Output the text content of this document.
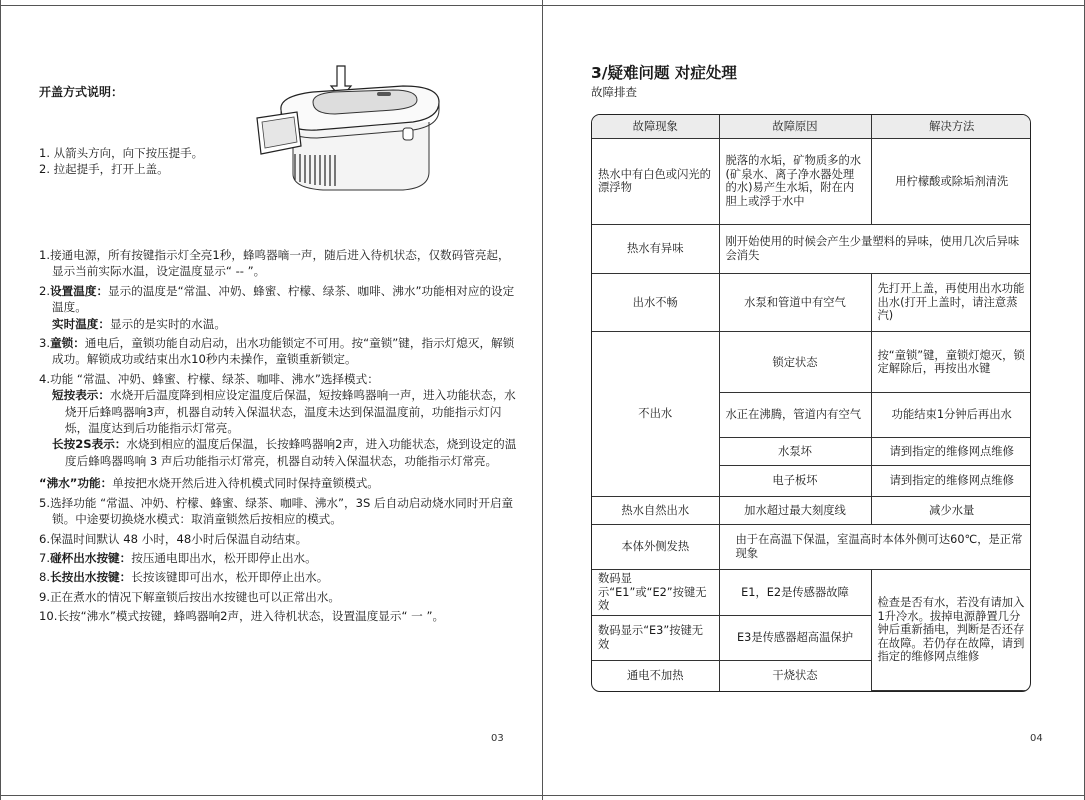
开盖方式说明：
1. 从箭头方向，向下按压提手。
2. 拉起提手，打开上盖。
1.接通电源，所有按键指示灯全亮1秒，蜂鸣器嘀一声，随后进入待机状态，仅数码管亮起，显示当前实际水温，设定温度显示“ -- ”。
2.设置温度：显示的温度是“常温、冲奶、蜂蜜、柠檬、绿茶、咖啡、沸水”功能相对应的设定温度。
实时温度：显示的是实时的水温。
3.童锁：通电后，童锁功能自动启动，出水功能锁定不可用。按“童锁”键，指示灯熄灭，解锁成功。解锁成功或结束出水10秒内未操作，童锁重新锁定。
4.功能 “常温、冲奶、蜂蜜、柠檬、绿茶、咖啡、沸水”选择模式：
短按表示：水烧开后温度降到相应设定温度后保温，短按蜂鸣器响一声，进入功能状态，水烧开后蜂鸣器响3声，机器自动转入保温状态，温度未达到保温温度前，功能指示灯闪烁，温度达到后功能指示灯常亮。
长按2S表示：水烧到相应的温度后保温，长按蜂鸣器响2声，进入功能状态，烧到设定的温度后蜂鸣器鸣响 3 声后功能指示灯常亮，机器自动转入保温状态，功能指示灯常亮。
“沸水”功能：单按把水烧开然后进入待机模式同时保持童锁模式。
5.选择功能 “常温、冲奶、柠檬、蜂蜜、绿茶、咖啡、沸水”，3S 后自动启动烧水同时开启童锁。中途要切换烧水模式：取消童锁然后按相应的模式。
6.保温时间默认 48 小时，48小时后保温自动结束。
7.碰杯出水按键：按压通电即出水，松开即停止出水。
8.长按出水按键：长按该键即可出水，松开即停止出水。
9.正在煮水的情况下解童锁后按出水按键也可以正常出水。
10.长按“沸水”模式按键，蜂鸣器响2声，进入待机状态，设置温度显示“ 一 ”。
03	04
3/疑难问题 对症处理
故障排查
故障现象	故障原因	解决方法
热水中有白色或闪光的漂浮物	脱落的水垢，矿物质多的水(矿泉水、离子净水器处理的水)易产生水垢，附在内胆上或浮于水中	用柠檬酸或除垢剂清洗
热水有异味	刚开始使用的时候会产生少量塑料的异味，使用几次后异味会消失	
出水不畅	水泵和管道中有空气	先打开上盖，再使用出水功能出水(打开上盖时，请注意蒸汽)
不出水	锁定状态	按“童锁”键，童锁灯熄灭，锁定解除后，再按出水键
	水正在沸腾，管道内有空气	功能结束1分钟后再出水
	水泵坏	请到指定的维修网点维修
	电子板坏	请到指定的维修网点维修
热水自然出水	加水超过最大刻度线	减少水量
本体外侧发热	由于在高温下保温，室温高时本体外侧可达60℃，是正常现象	
数码显示“E1”或“E2”按键无效	E1，E2是传感器故障	检查是否有水，若没有请加入1升冷水。拔掉电源静置几分钟后重新插电，判断是否还存在故障。若仍存在故障，请到指定的维修网点维修
数码显示“E3”按键无效	E3是传感器超高温保护	
通电不加热	干烧状态	
